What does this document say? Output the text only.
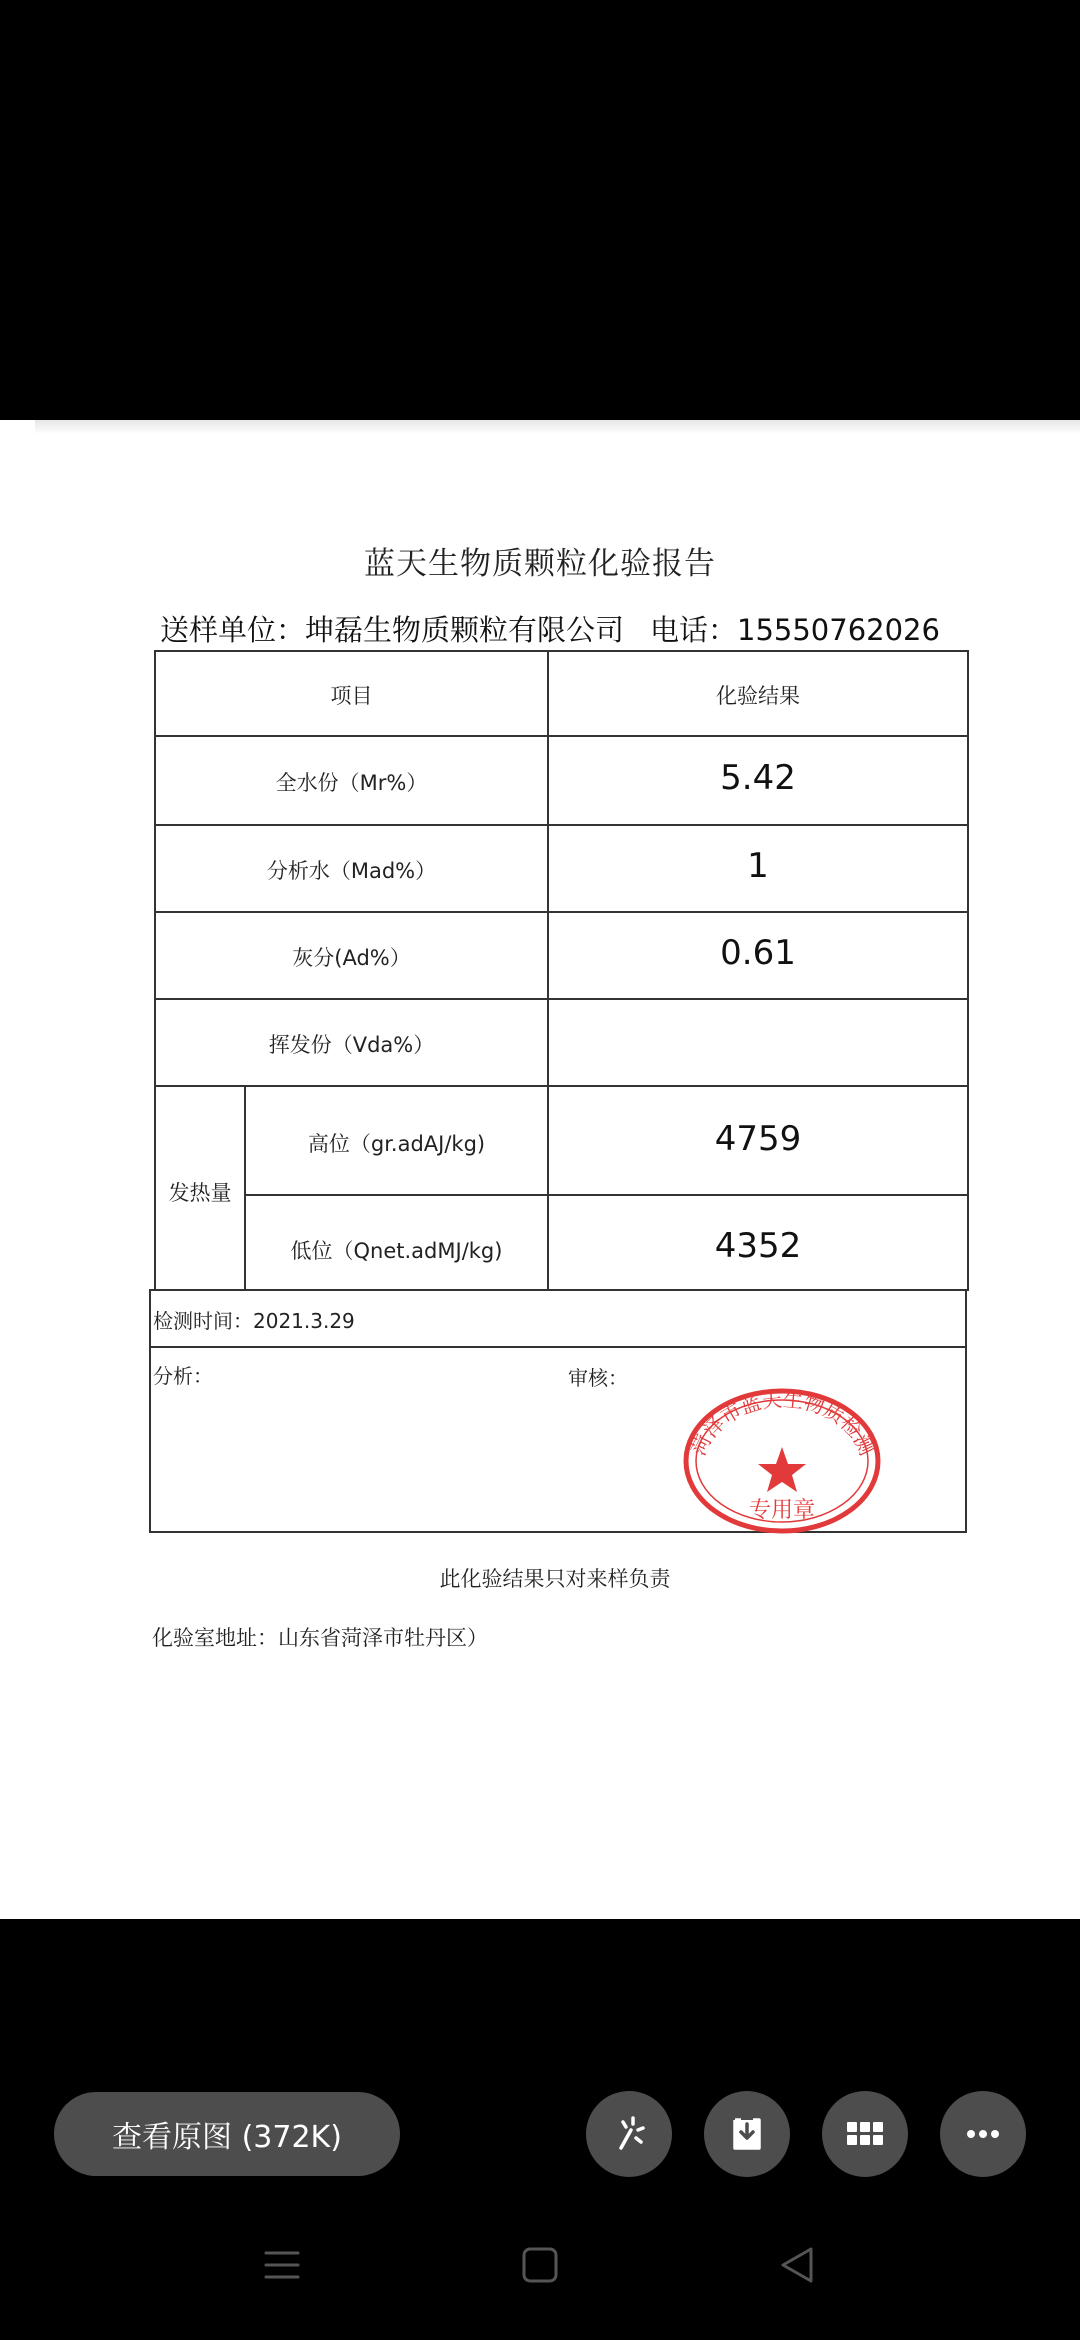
蓝天生物质颗粒化验报告
送样单位：坤磊生物质颗粒有限公司 电话：15550762026
项目	化验结果
全水份（Mr%）	5.42
分析水（Mad%）	1
灰分(Ad%）	0.61
挥发份（Vda%）
发热量
高位（gr.adAJ/kg)	4759
低位（Qnet.adMJ/kg)	4352
检测时间：2021.3.29
分析：	审核：
菏泽市蓝天生物质检测
专用章
此化验结果只对来样负责
化验室地址：山东省菏泽市牡丹区）
查看原图 (372K)
